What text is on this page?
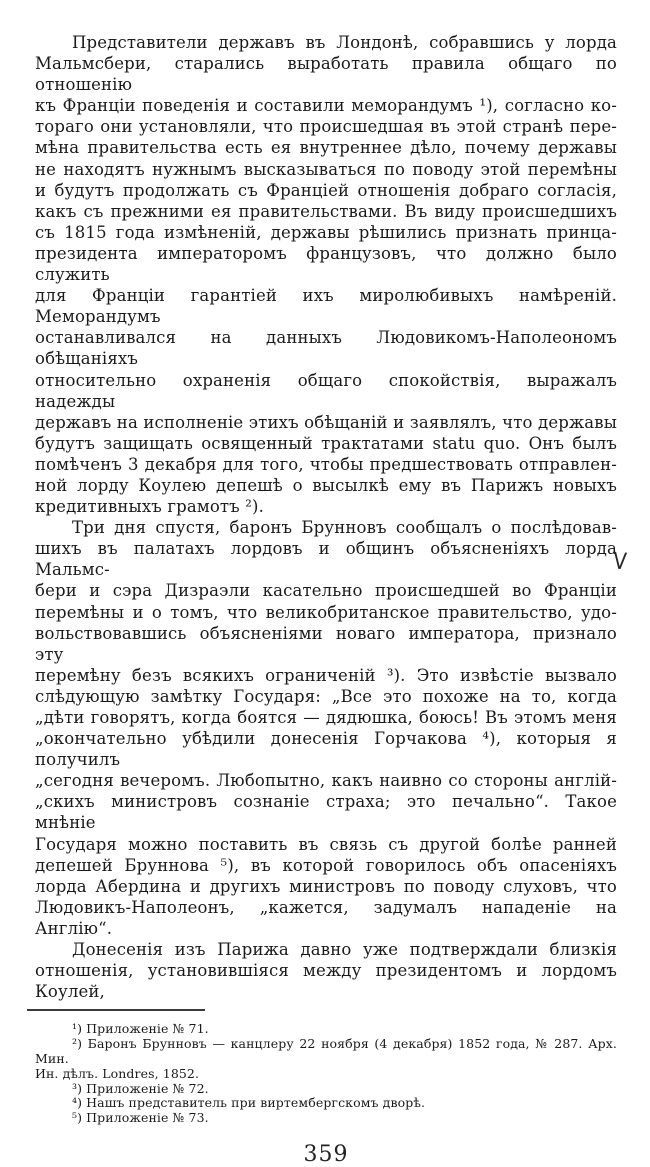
Представители державъ въ Лондонѣ, собравшись у лорда
Мальмсбери, старались выработать правила общаго по отношенію
къ Франціи поведенія и составили меморандумъ ¹), согласно ко-
тораго они установляли, что происшедшая въ этой странѣ пере-
мѣна правительства есть ея внутреннее дѣло, почему державы
не находятъ нужнымъ высказываться по поводу этой перемѣны
и будутъ продолжать съ Франціей отношенія добраго согласія,
какъ съ прежними ея правительствами. Въ виду происшедшихъ
съ 1815 года измѣненій, державы рѣшились признать принца-
президента императоромъ французовъ, что должно было служить
для Франціи гарантіей ихъ миролюбивыхъ намѣреній. Меморандумъ
останавливался на данныхъ Людовикомъ-Наполеономъ обѣщаніяхъ
относительно охраненія общаго спокойствія, выражалъ надежды
державъ на исполненіе этихъ обѣщаній и заявлялъ, что державы
будутъ защищать освященный трактатами statu quo. Онъ былъ
помѣченъ 3 декабря для того, чтобы предшествовать отправлен-
ной лорду Коулею депешѣ о высылкѣ ему въ Парижъ новыхъ
кредитивныхъ грамотъ ²).
Три дня спустя, баронъ Брунновъ сообщалъ о послѣдовав-
шихъ въ палатахъ лордовъ и общинъ объясненіяхъ лорда Мальмс-
бери и сэра Дизраэли касательно происшедшей во Франціи
перемѣны и о томъ, что великобританское правительство, удо-
вольствовавшись объясненіями новаго императора, признало эту
перемѣну безъ всякихъ ограниченій ³). Это извѣстіе вызвало
слѣдующую замѣтку Государя: „Все это похоже на то, когда
„дѣти говорятъ, когда боятся — дядюшка, боюсь! Въ этомъ меня
„окончательно убѣдили донесенія Горчакова ⁴), которыя я получилъ
„сегодня вечеромъ. Любопытно, какъ наивно со стороны англій-
„скихъ министровъ сознаніе страха; это печально“. Такое мнѣніе
Государя можно поставить въ связь съ другой болѣе ранней
депешей Бруннова ⁵), въ которой говорилось объ опасеніяхъ
лорда Абердина и другихъ министровъ по поводу слуховъ, что
Людовикъ-Наполеонъ, „кажется, задумалъ нападеніе на Англію“.
Донесенія изъ Парижа давно уже подтверждали близкія
отношенія, установившіяся между президентомъ и лордомъ Коулей,
¹) Приложеніе № 71.
²) Баронъ Брунновъ — канцлеру 22 ноября (4 декабря) 1852 года, № 287. Арх. Мин.
Ин. дѣлъ. Londres, 1852.
³) Приложеніе № 72.
⁴) Нашъ представитель при виртембергскомъ дворѣ.
⁵) Приложеніе № 73.
359
V
